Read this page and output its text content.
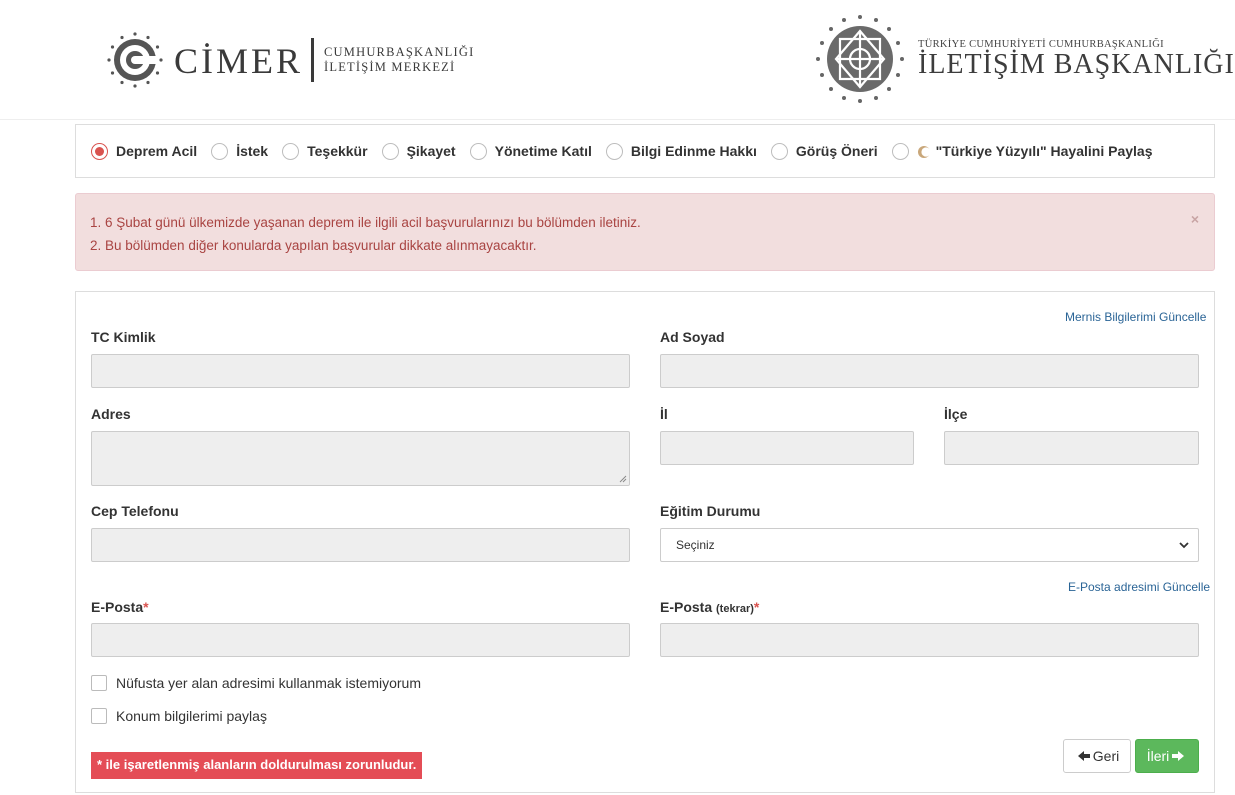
CİMER CUMHURBAŞKANLIĞI
İLETİŞİM MERKEZİ
TÜRKİYE CUMHURİYETİ CUMHURBAŞKANLIĞI
İLETİŞİM BAŞKANLIĞI
Deprem Acil	İstek	Teşekkür	Şikayet	Yönetime Katıl	Bilgi Edinme Hakkı	Görüş Öneri	"Türkiye Yüzyılı" Hayalini Paylaş
1. 6 Şubat günü ülkemizde yaşanan deprem ile ilgili acil başvurularınızı bu bölümden iletiniz.
2. Bu bölümden diğer konularda yapılan başvurular dikkate alınmayacaktır.
×
Mernis Bilgilerimi Güncelle
TC Kimlik	Ad Soyad
Adres	İl	İlçe
Cep Telefonu	Eğitim Durumu
Seçiniz
E-Posta adresimi Güncelle
E-Posta*	E-Posta (tekrar)*
Nüfusta yer alan adresimi kullanmak istemiyorum
Konum bilgilerimi paylaş
* ile işaretlenmiş alanların doldurulması zorunludur.
Geri İleri
